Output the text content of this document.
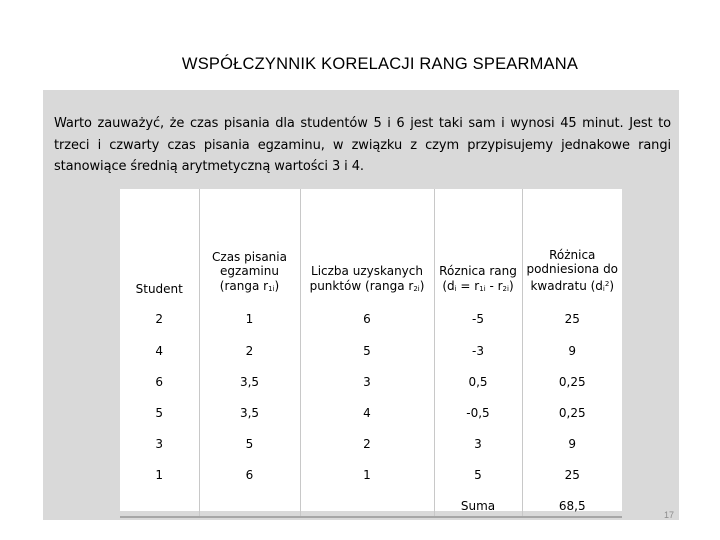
WSPÓŁCZYNNIK KORELACJI RANG SPEARMANA
Warto zauważyć, że czas pisania dla studentów 5 i 6 jest taki sam i wynosi 45 minut. Jest to trzeci i czwarty czas pisania egzaminu, w związku z czym przypisujemy jednakowe rangi stanowiące średnią arytmetyczną wartości 3 i 4.
Student	Czas pisania egzaminu (ranga $r_{1i}$)	Liczba uzyskanych punktów (ranga $r_{2i}$)	Róznica rang $(d_i = r_{1i} - r_{2i})$	Różnica podniesiona do kwadratu $(d_i^2)$
2	1	6	-5	25
4	2	5	-3	9
6	3,5	3	0,5	0,25
5	3,5	4	-0,5	0,25
3	5	2	3	9
1	6	1	5	25
			Suma	68,5
17
